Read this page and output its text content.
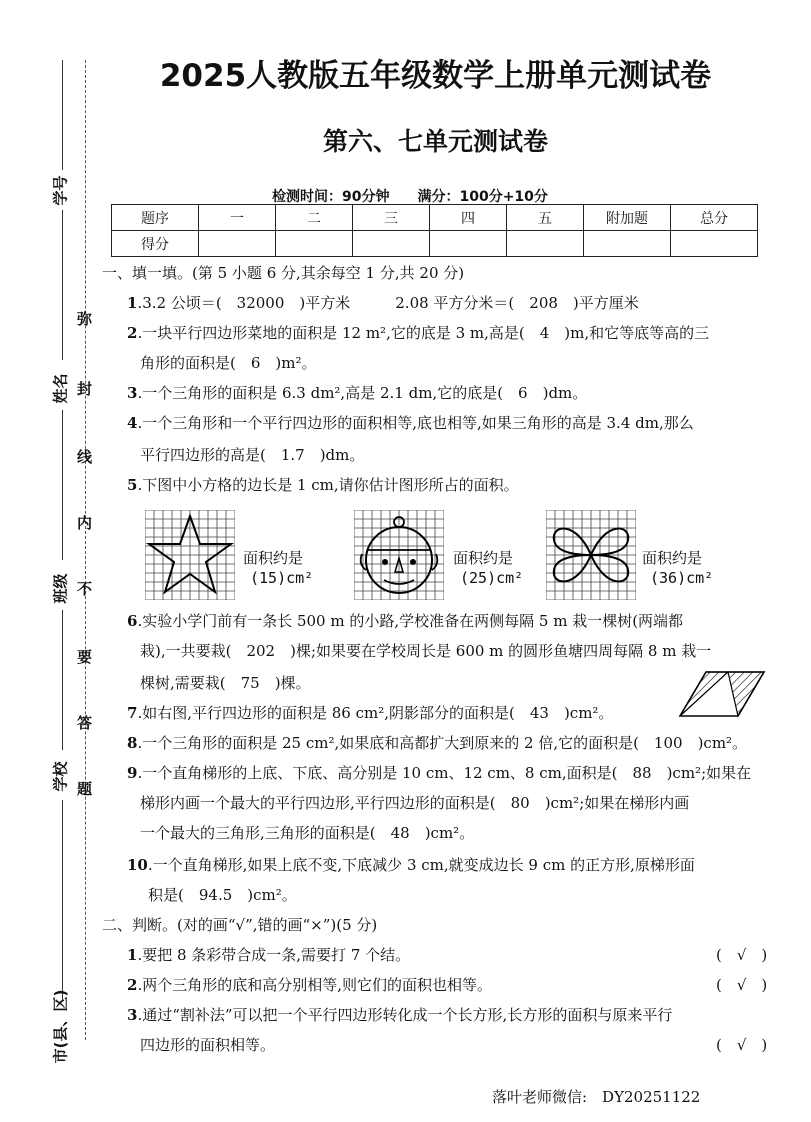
学号
姓名
班级
学校
市(县、区)
弥
封
线
内
不
要
答
题
2025人教版五年级数学上册单元测试卷
第六、七单元测试卷
检测时间：90分钟　　满分：100分+10分
题序	一	二	三	四	五	附加题	总分
得分							
一、填一填。(第 5 小题 6 分,其余每空 1 分,共 20 分)
1.3.2 公顷＝(　32000　)平方米　　　2.08 平方分米＝(　208　)平方厘米
2.一块平行四边形菜地的面积是 12 m²,它的底是 3 m,高是(　4　)m,和它等底等高的三
角形的面积是(　6　)m²。
3.一个三角形的面积是 6.3 dm²,高是 2.1 dm,它的底是(　6　)dm。
4.一个三角形和一个平行四边形的面积相等,底也相等,如果三角形的高是 3.4 dm,那么
平行四边形的高是(　1.7　)dm。
5.下图中小方格的边长是 1 cm,请你估计图形所占的面积。
面积约是
(15)cm²
面积约是
(25)cm²
面积约是
(36)cm²
6.实验小学门前有一条长 500 m 的小路,学校准备在两侧每隔 5 m 栽一棵树(两端都
栽),一共要栽(　202　)棵;如果要在学校周长是 600 m 的圆形鱼塘四周每隔 8 m 栽一
棵树,需要栽(　75　)棵。
7.如右图,平行四边形的面积是 86 cm²,阴影部分的面积是(　43　)cm²。
8.一个三角形的面积是 25 cm²,如果底和高都扩大到原来的 2 倍,它的面积是(　100　)cm²。
9.一个直角梯形的上底、下底、高分别是 10 cm、12 cm、8 cm,面积是(　88　)cm²;如果在
梯形内画一个最大的平行四边形,平行四边形的面积是(　80　)cm²;如果在梯形内画
一个最大的三角形,三角形的面积是(　48　)cm²。
10.一个直角梯形,如果上底不变,下底减少 3 cm,就变成边长 9 cm 的正方形,原梯形面
积是(　94.5　)cm²。
二、判断。(对的画“√”,错的画“×”)(5 分)
1.要把 8 条彩带合成一条,需要打 7 个结。	(　√　)
2.两个三角形的底和高分别相等,则它们的面积也相等。	(　√　)
3.通过“割补法”可以把一个平行四边形转化成一个长方形,长方形的面积与原来平行
四边形的面积相等。	(　√　)
落叶老师微信:　DY20251122
